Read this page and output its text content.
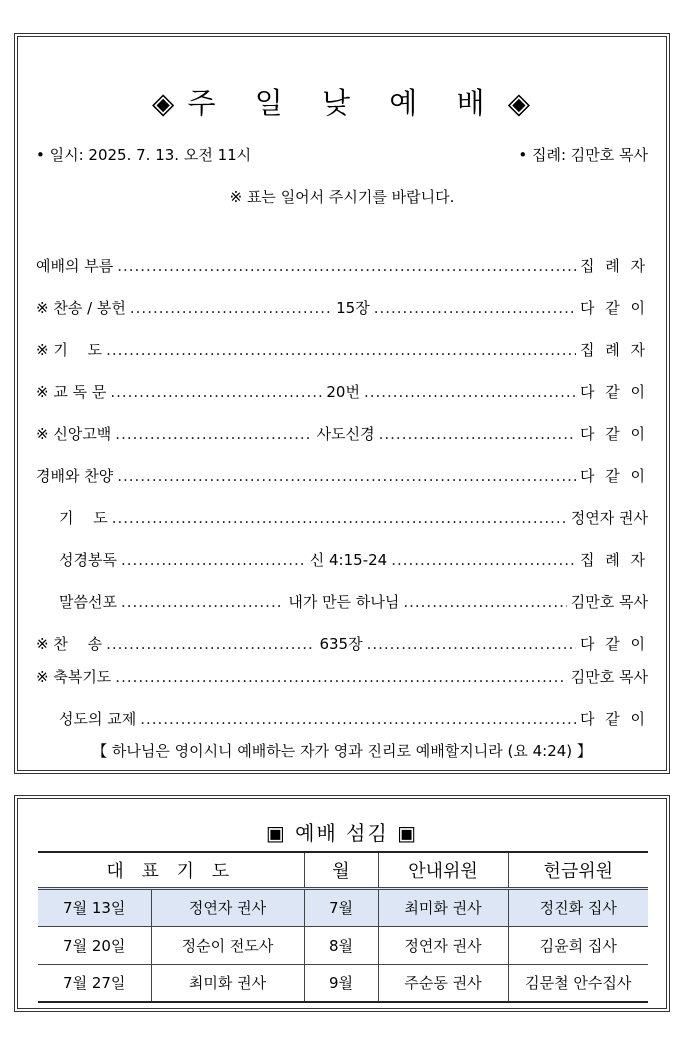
◈ 주 일 낮 예 배 ◈
• 일시: 2025. 7. 13. 오전 11시	• 집례: 김만호 목사
※ 표는 일어서 주시기를 바랍니다.
예배의 부름 .....	집 례 자
※ 찬송 / 봉헌 .....	15장 .....	다 같 이
※ 기　 도 .....	집 례 자
※ 교 독 문 .....	20번 .....	다 같 이
※ 신앙고백 .....	사도신경 .....	다 같 이
경배와 찬양 .....	다 같 이
기　 도 .....	정연자 권사
성경봉독 .....	신 4:15-24 .....	집 례 자
말씀선포 .....	내가 만든 하나님 .....	김만호 목사
※ 찬　 송 .....	635장 .....	다 같 이
※ 축복기도 .....	김만호 목사
성도의 교제 .....	다 같 이
【 하나님은 영이시니 예배하는 자가 영과 진리로 예배할지니라 (요 4:24) 】
▣ 예배 섬김 ▣
대 표 기 도		월	안내위원	헌금위원
7월 13일	정연자 권사	7월	최미화 권사	정진화 집사
7월 20일	정순이 전도사	8월	정연자 권사	김윤희 집사
7월 27일	최미화 권사	9월	주순동 권사	김문철 안수집사
